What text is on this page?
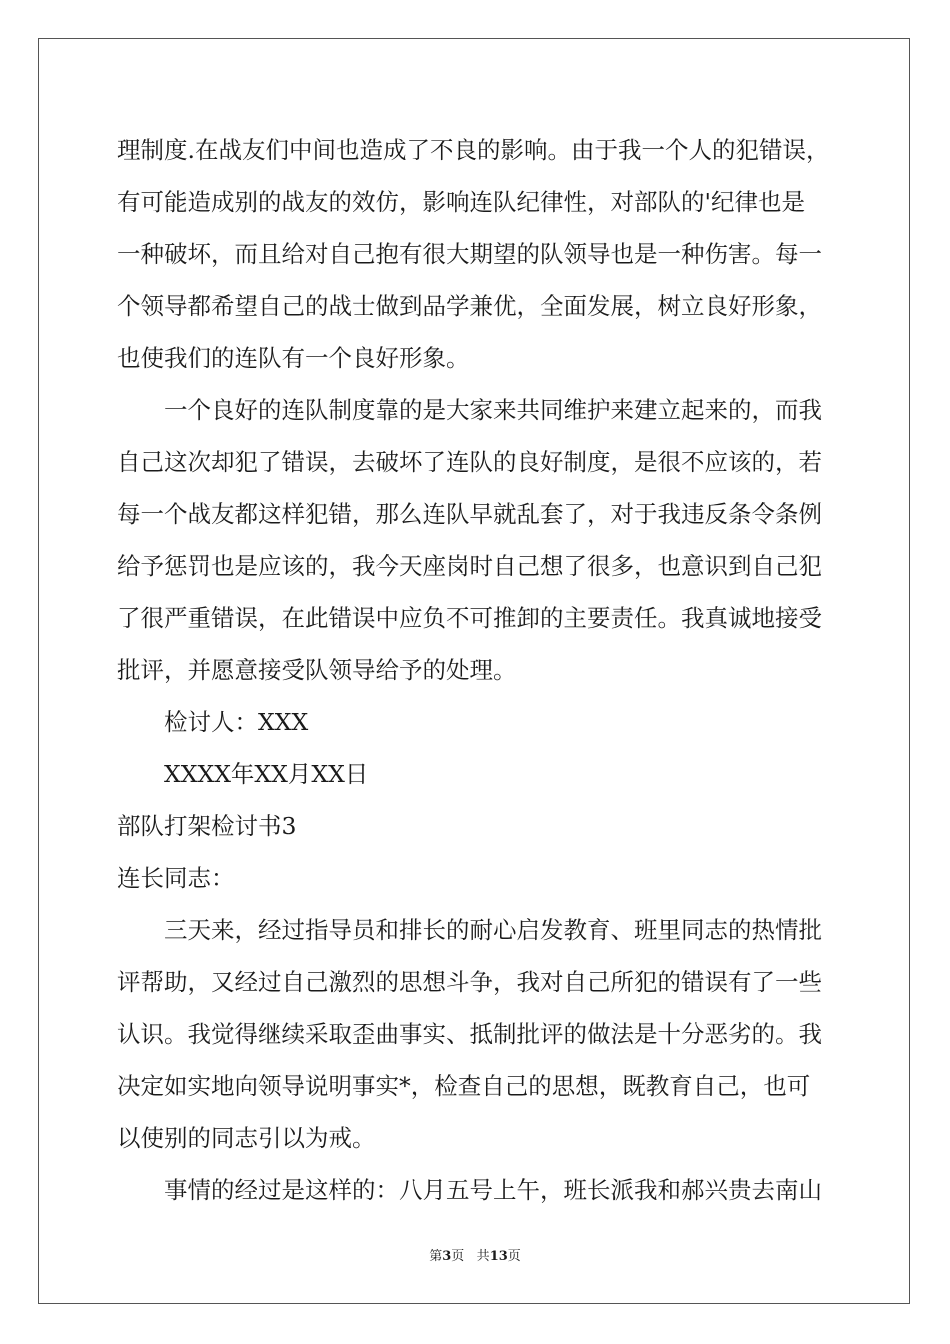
理制度.在战友们中间也造成了不良的影响。由于我一个人的犯错误，
有可能造成别的战友的效仿，影响连队纪律性，对部队的'纪律也是
一种破坏，而且给对自己抱有很大期望的队领导也是一种伤害。每一
个领导都希望自己的战士做到品学兼优，全面发展，树立良好形象，
也使我们的连队有一个良好形象。
一个良好的连队制度靠的是大家来共同维护来建立起来的，而我
自己这次却犯了错误，去破坏了连队的良好制度，是很不应该的，若
每一个战友都这样犯错，那么连队早就乱套了，对于我违反条令条例
给予惩罚也是应该的，我今天座岗时自己想了很多，也意识到自己犯
了很严重错误，在此错误中应负不可推卸的主要责任。我真诚地接受
批评，并愿意接受队领导给予的处理。
检讨人：XXX
XXXX年XX月XX日
部队打架检讨书3
连长同志：
三天来，经过指导员和排长的耐心启发教育、班里同志的热情批
评帮助，又经过自己激烈的思想斗争，我对自己所犯的错误有了一些
认识。我觉得继续采取歪曲事实、抵制批评的做法是十分恶劣的。我
决定如实地向领导说明事实*，检查自己的思想，既教育自己，也可
以使别的同志引以为戒。
事情的经过是这样的：八月五号上午，班长派我和郝兴贵去南山
第3页 共13页
